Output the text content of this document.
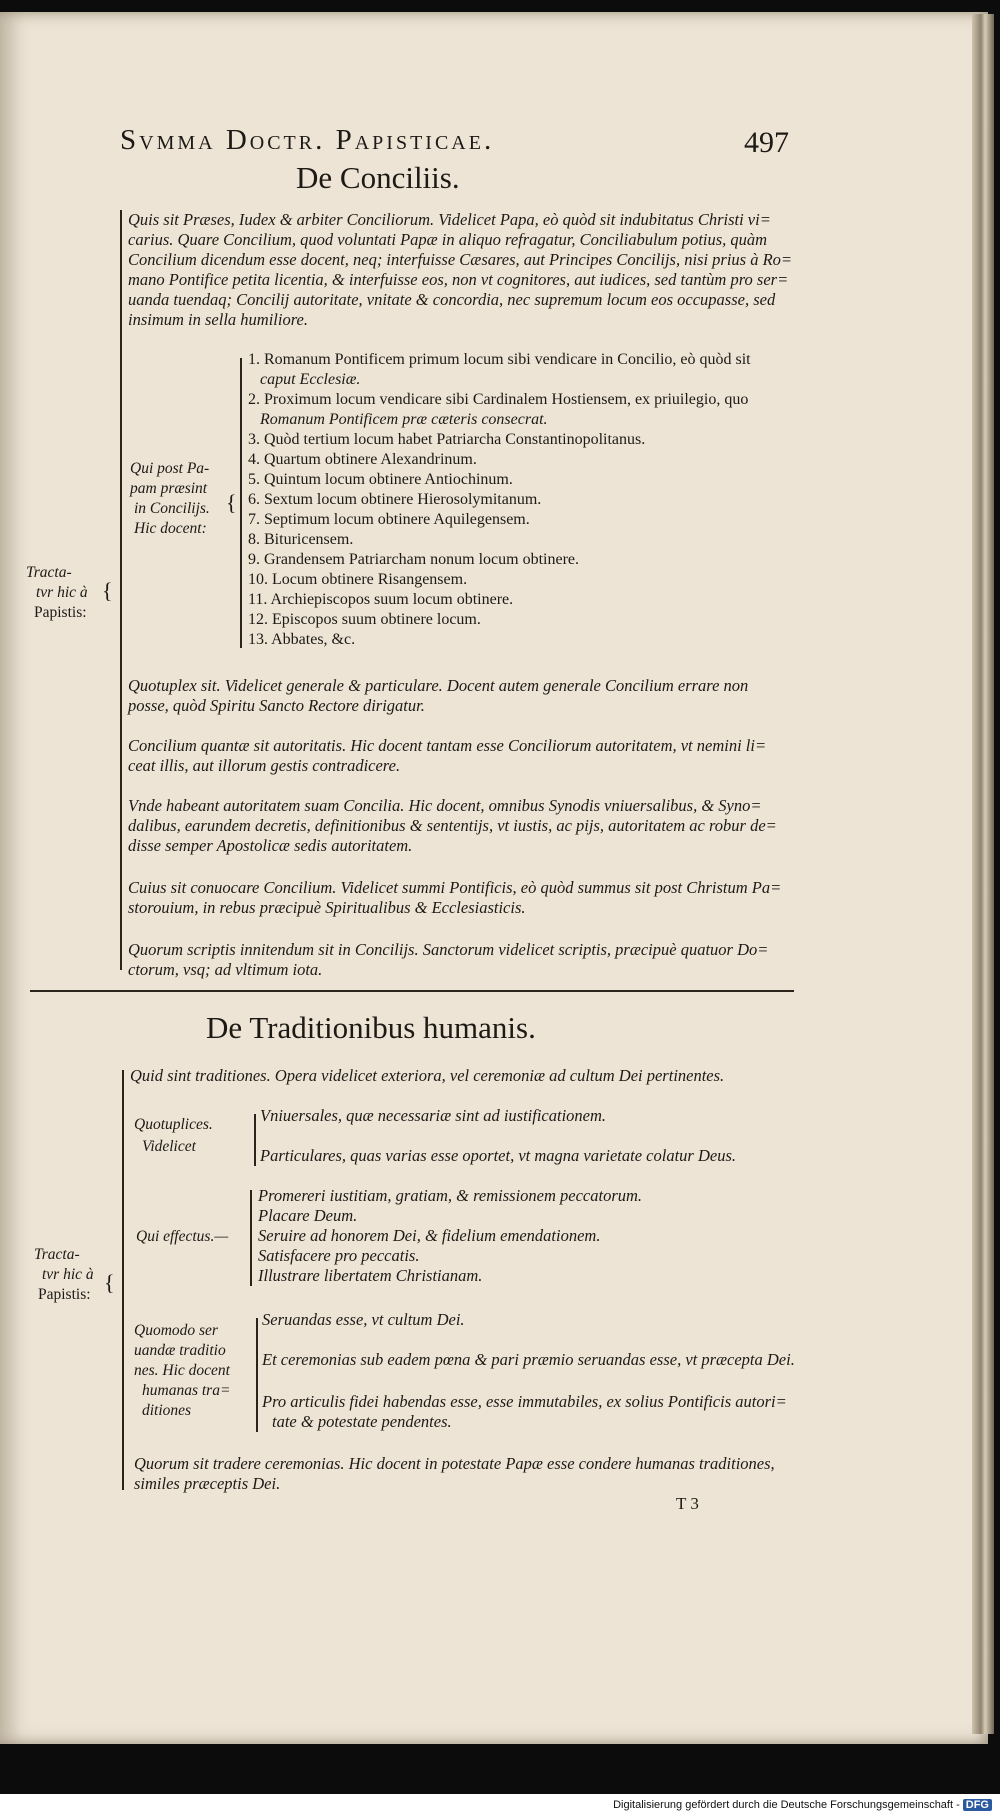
Svmma Doctr. Papisticae.	497
De Conciliis.
{
Tracta-
tvr hic à
Papistis:
Quis sit Præses, Iudex & arbiter Conciliorum. Videlicet Papa, eò quòd sit indubitatus Christi vi=
carius. Quare Concilium, quod voluntati Papæ in aliquo refragatur, Conciliabulum potius, quàm
Concilium dicendum esse docent, neq; interfuisse Cæsares, aut Principes Concilijs, nisi prius à Ro=
mano Pontifice petita licentia, & interfuisse eos, non vt cognitores, aut iudices, sed tantùm pro ser=
uanda tuendaq; Concilij autoritate, vnitate & concordia, nec supremum locum eos occupasse, sed
insimum in sella humiliore.
Qui post Pa-
pam præsint
in Concilijs.
Hic docent:
{
1. Romanum Pontificem primum locum sibi vendicare in Concilio, eò quòd sit
caput Ecclesiæ.
2. Proximum locum vendicare sibi Cardinalem Hostiensem, ex priuilegio, quo
Romanum Pontificem præ cæteris consecrat.
3. Quòd tertium locum habet Patriarcha Constantinopolitanus.
4. Quartum obtinere Alexandrinum.
5. Quintum locum obtinere Antiochinum.
6. Sextum locum obtinere Hierosolymitanum.
7. Septimum locum obtinere Aquilegensem.
8. Bituricensem.
9. Grandensem Patriarcham nonum locum obtinere.
10. Locum obtinere Risangensem.
11. Archiepiscopos suum locum obtinere.
12. Episcopos suum obtinere locum.
13. Abbates, &c.
Quotuplex sit. Videlicet generale & particulare. Docent autem generale Concilium errare non
posse, quòd Spiritu Sancto Rectore dirigatur.
Concilium quantæ sit autoritatis. Hic docent tantam esse Conciliorum autoritatem, vt nemini li=
ceat illis, aut illorum gestis contradicere.
Vnde habeant autoritatem suam Concilia. Hic docent, omnibus Synodis vniuersalibus, & Syno=
dalibus, earundem decretis, definitionibus & sententijs, vt iustis, ac pijs, autoritatem ac robur de=
disse semper Apostolicæ sedis autoritatem.
Cuius sit conuocare Concilium. Videlicet summi Pontificis, eò quòd summus sit post Christum Pa=
storouium, in rebus præcipuè Spiritualibus & Ecclesiasticis.
Quorum scriptis innitendum sit in Concilijs. Sanctorum videlicet scriptis, præcipuè quatuor Do=
ctorum, vsq; ad vltimum iota.
De Traditionibus humanis.
{
Tracta-
tvr hic à
Papistis:
Quid sint traditiones. Opera videlicet exteriora, vel ceremoniæ ad cultum Dei pertinentes.
Quotuplices.
Videlicet
Vniuersales, quæ necessariæ sint ad iustificationem.
Particulares, quas varias esse oportet, vt magna varietate colatur Deus.
Qui effectus.—
Promereri iustitiam, gratiam, & remissionem peccatorum.
Placare Deum.
Seruire ad honorem Dei, & fidelium emendationem.
Satisfacere pro peccatis.
Illustrare libertatem Christianam.
Quomodo ser
uandæ traditio
nes. Hic docent
humanas tra=
ditiones
Seruandas esse, vt cultum Dei.
Et ceremonias sub eadem pœna & pari præmio seruandas esse, vt præcepta Dei.
Pro articulis fidei habendas esse, esse immutabiles, ex solius Pontificis autori=
tate & potestate pendentes.
Quorum sit tradere ceremonias. Hic docent in potestate Papæ esse condere humanas traditiones,
similes præceptis Dei.
T 3
Digitalisierung gefördert durch die Deutsche Forschungsgemeinschaft - DFG
